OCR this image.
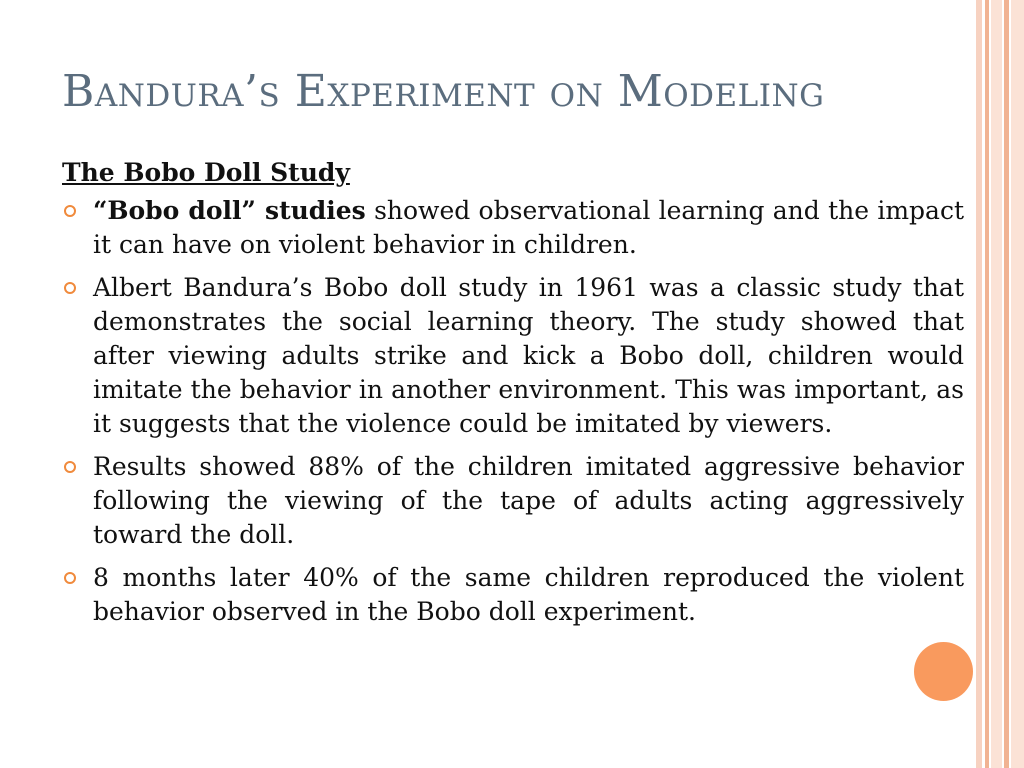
Bandura’s Experiment on Modeling
The Bobo Doll Study
“Bobo doll” studies showed observational learning and the impact it can have on violent behavior in children.
Albert Bandura’s Bobo doll study in 1961 was a classic study that demonstrates the social learning theory. The study showed that after viewing adults strike and kick a Bobo doll, children would imitate the behavior in another environment. This was important, as it suggests that the violence could be imitated by viewers.
Results showed 88% of the children imitated aggressive behavior following the viewing of the tape of adults acting aggressively toward the doll.
8 months later 40% of the same children reproduced the violent behavior observed in the Bobo doll experiment.
